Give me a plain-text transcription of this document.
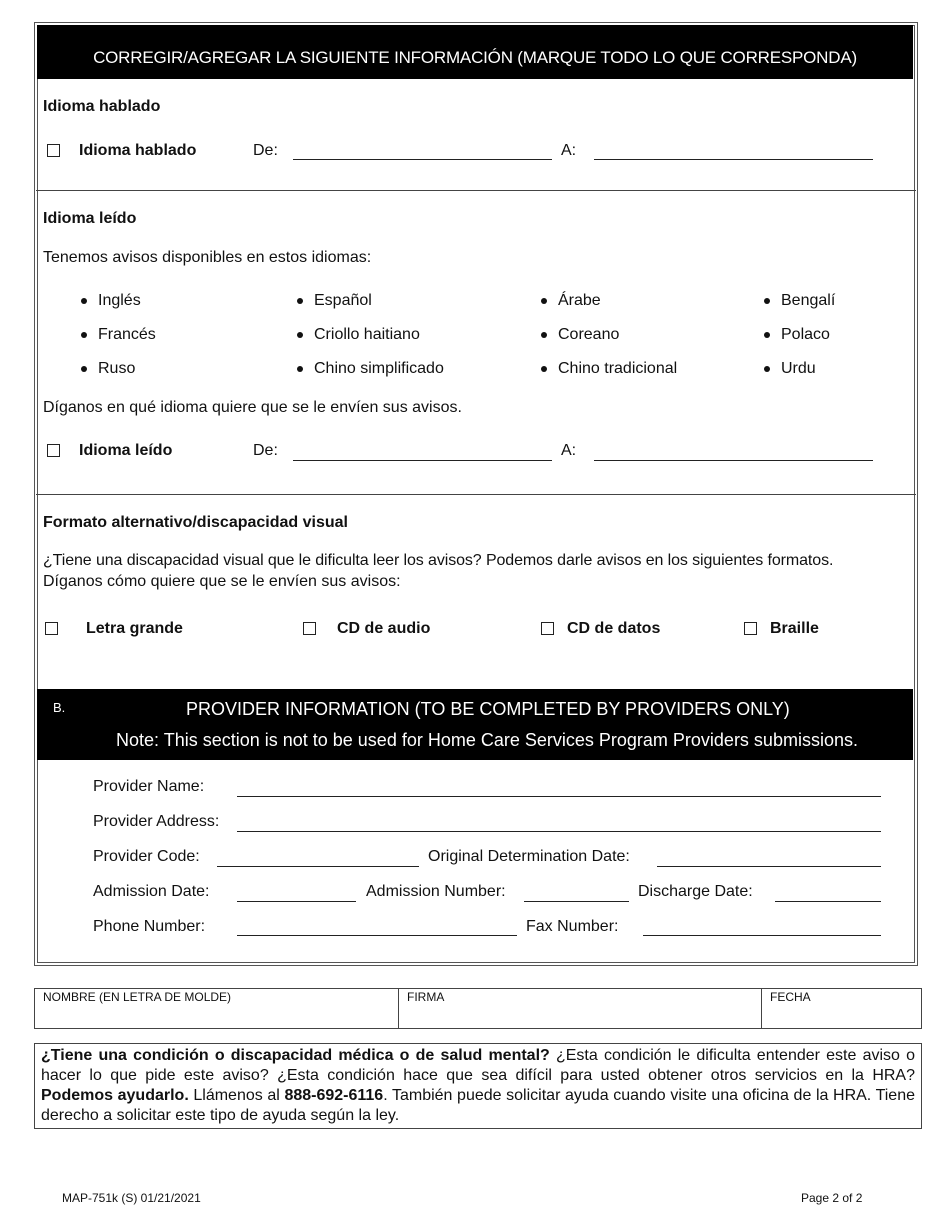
CORREGIR/AGREGAR LA SIGUIENTE INFORMACIÓN (MARQUE TODO LO QUE CORRESPONDA)
Idioma hablado
Idioma hablado	De:	A:
Idioma leído
Tenemos avisos disponibles en estos idiomas:
Inglés	Español	Árabe	Bengalí
Francés	Criollo haitiano	Coreano	Polaco
Ruso	Chino simplificado	Chino tradicional	Urdu
Díganos en qué idioma quiere que se le envíen sus avisos.
Idioma leído	De:	A:
Formato alternativo/discapacidad visual
¿Tiene una discapacidad visual que le dificulta leer los avisos? Podemos darle avisos en los siguientes formatos.
Díganos cómo quiere que se le envíen sus avisos:
Letra grande	CD de audio	CD de datos	Braille
B.	PROVIDER INFORMATION (TO BE COMPLETED BY PROVIDERS ONLY)
Note: This section is not to be used for Home Care Services Program Providers submissions.
Provider Name:
Provider Address:
Provider Code:	Original Determination Date:
Admission Date:	Admission Number:	Discharge Date:
Phone Number:	Fax Number:
NOMBRE (EN LETRA DE MOLDE)	FIRMA	FECHA
¿Tiene una condición o discapacidad médica o de salud mental? ¿Esta condición le dificulta entender este aviso o hacer lo que pide este aviso? ¿Esta condición hace que sea difícil para usted obtener otros servicios en la HRA? Podemos ayudarlo. Llámenos al 888-692-6116. También puede solicitar ayuda cuando visite una oficina de la HRA. Tiene derecho a solicitar este tipo de ayuda según la ley.
MAP-751k (S) 01/21/2021	Page 2 of 2
